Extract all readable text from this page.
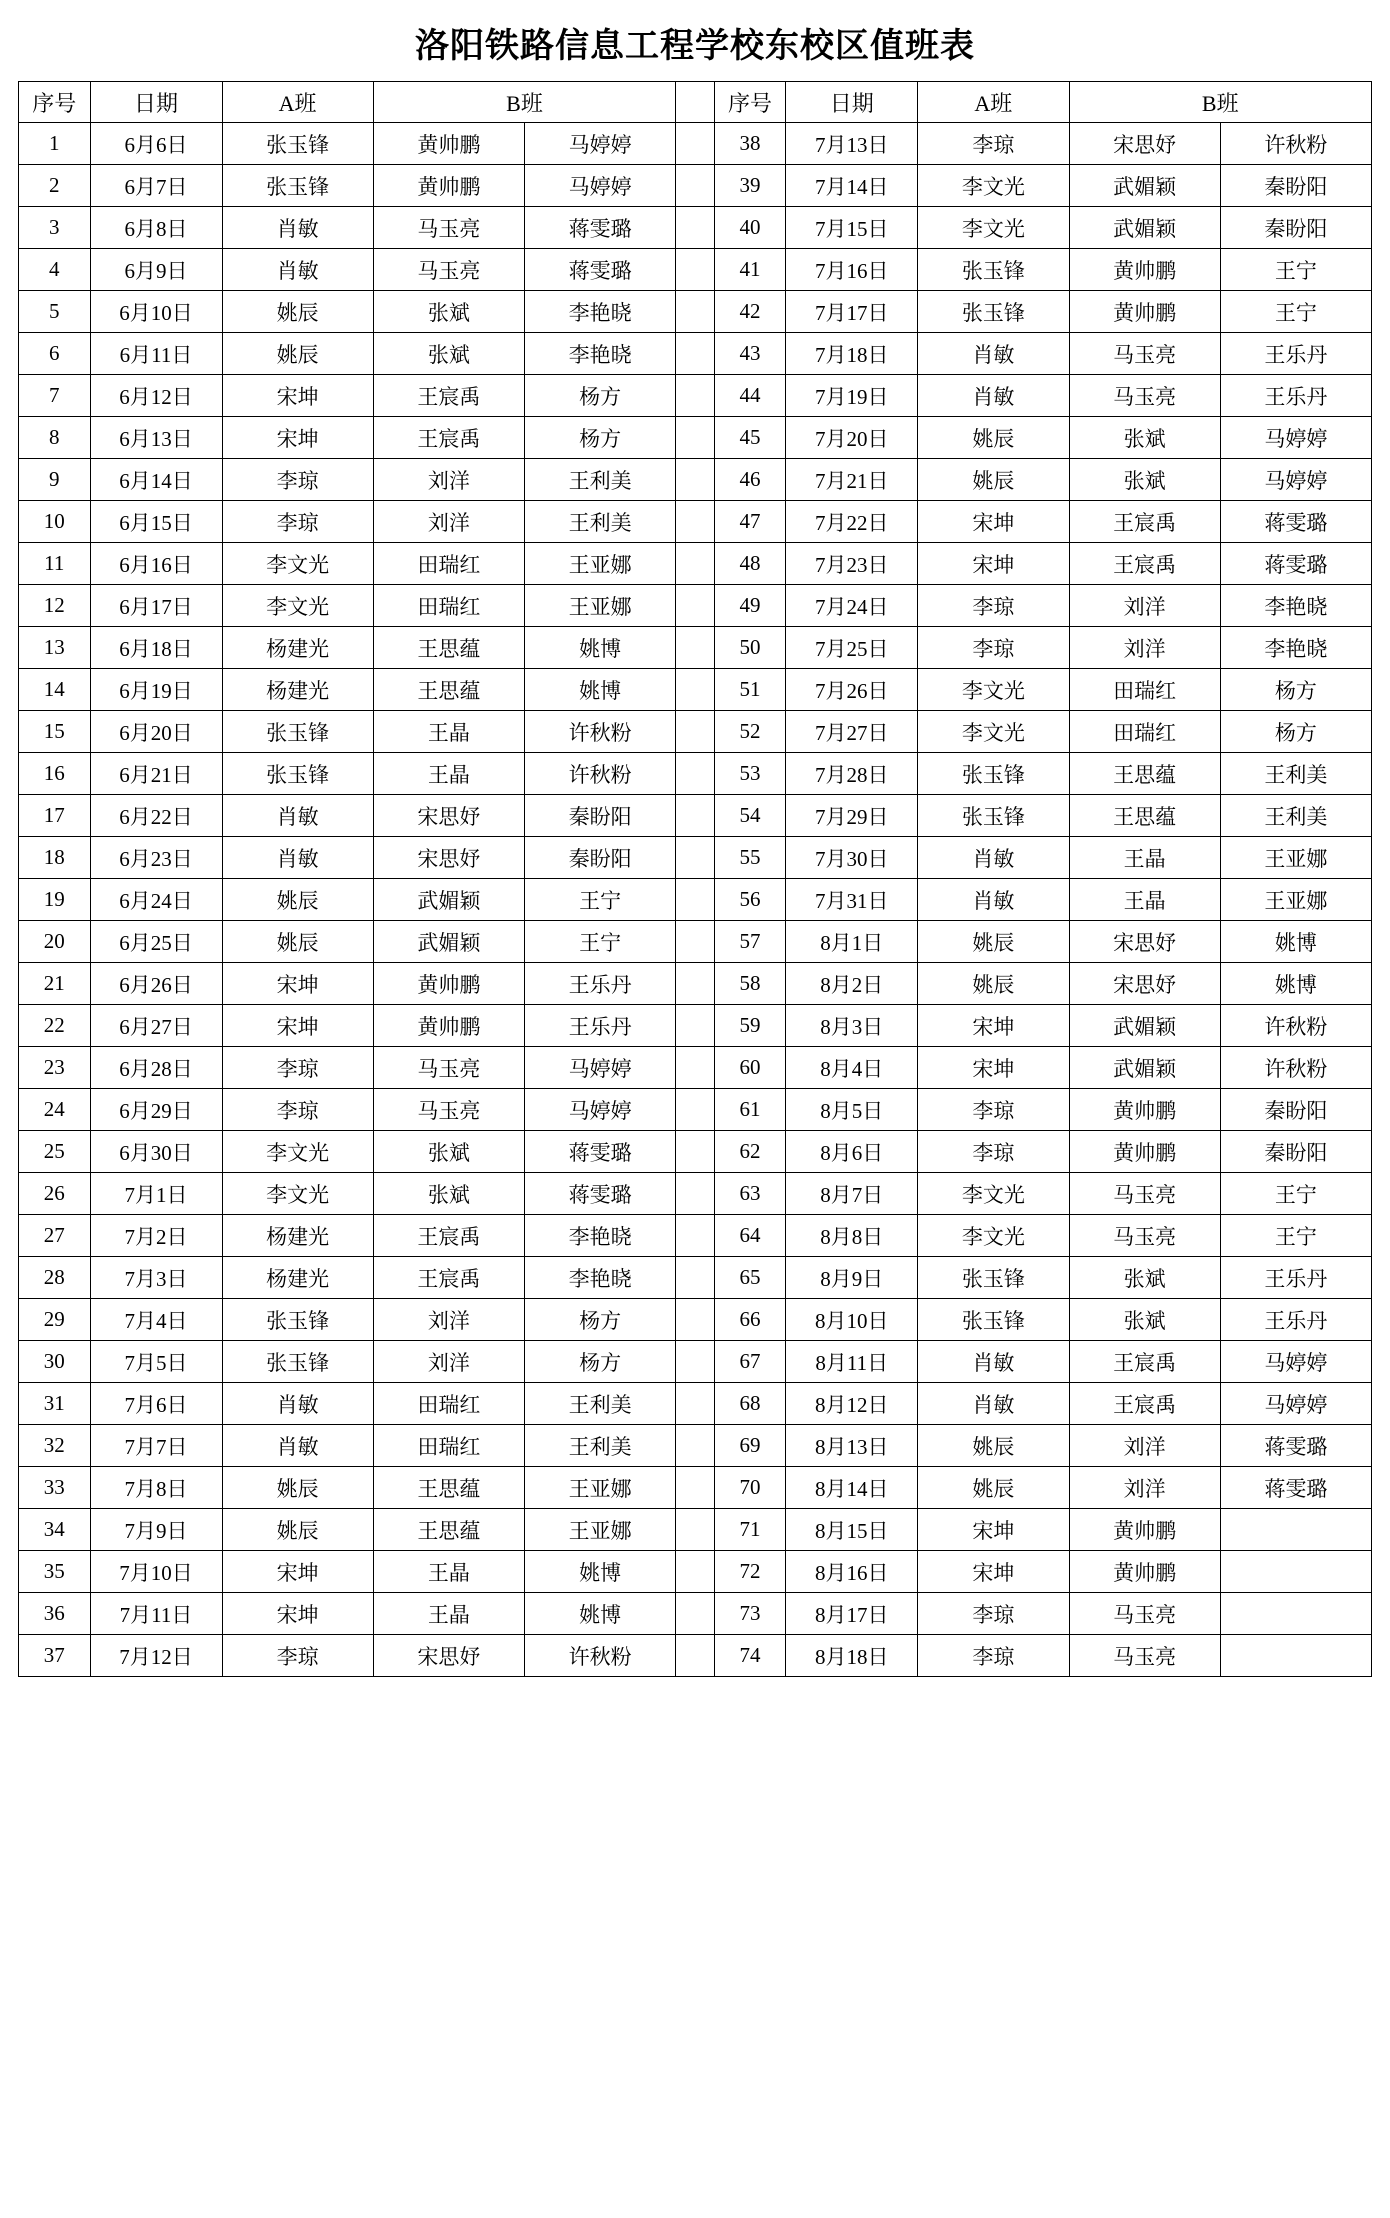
洛阳铁路信息工程学校东校区值班表
序号	日期	A班	B班			序号	日期	A班	B班	
1	6月6日	张玉锋	黄帅鹏	马婷婷		38	7月13日	李琼	宋思妤	许秋粉
2	6月7日	张玉锋	黄帅鹏	马婷婷		39	7月14日	李文光	武媚颖	秦盼阳
3	6月8日	肖敏	马玉亮	蒋雯璐		40	7月15日	李文光	武媚颖	秦盼阳
4	6月9日	肖敏	马玉亮	蒋雯璐		41	7月16日	张玉锋	黄帅鹏	王宁
5	6月10日	姚辰	张斌	李艳晓		42	7月17日	张玉锋	黄帅鹏	王宁
6	6月11日	姚辰	张斌	李艳晓		43	7月18日	肖敏	马玉亮	王乐丹
7	6月12日	宋坤	王宸禹	杨方		44	7月19日	肖敏	马玉亮	王乐丹
8	6月13日	宋坤	王宸禹	杨方		45	7月20日	姚辰	张斌	马婷婷
9	6月14日	李琼	刘洋	王利美		46	7月21日	姚辰	张斌	马婷婷
10	6月15日	李琼	刘洋	王利美		47	7月22日	宋坤	王宸禹	蒋雯璐
11	6月16日	李文光	田瑞红	王亚娜		48	7月23日	宋坤	王宸禹	蒋雯璐
12	6月17日	李文光	田瑞红	王亚娜		49	7月24日	李琼	刘洋	李艳晓
13	6月18日	杨建光	王思蕴	姚博		50	7月25日	李琼	刘洋	李艳晓
14	6月19日	杨建光	王思蕴	姚博		51	7月26日	李文光	田瑞红	杨方
15	6月20日	张玉锋	王晶	许秋粉		52	7月27日	李文光	田瑞红	杨方
16	6月21日	张玉锋	王晶	许秋粉		53	7月28日	张玉锋	王思蕴	王利美
17	6月22日	肖敏	宋思妤	秦盼阳		54	7月29日	张玉锋	王思蕴	王利美
18	6月23日	肖敏	宋思妤	秦盼阳		55	7月30日	肖敏	王晶	王亚娜
19	6月24日	姚辰	武媚颖	王宁		56	7月31日	肖敏	王晶	王亚娜
20	6月25日	姚辰	武媚颖	王宁		57	8月1日	姚辰	宋思妤	姚博
21	6月26日	宋坤	黄帅鹏	王乐丹		58	8月2日	姚辰	宋思妤	姚博
22	6月27日	宋坤	黄帅鹏	王乐丹		59	8月3日	宋坤	武媚颖	许秋粉
23	6月28日	李琼	马玉亮	马婷婷		60	8月4日	宋坤	武媚颖	许秋粉
24	6月29日	李琼	马玉亮	马婷婷		61	8月5日	李琼	黄帅鹏	秦盼阳
25	6月30日	李文光	张斌	蒋雯璐		62	8月6日	李琼	黄帅鹏	秦盼阳
26	7月1日	李文光	张斌	蒋雯璐		63	8月7日	李文光	马玉亮	王宁
27	7月2日	杨建光	王宸禹	李艳晓		64	8月8日	李文光	马玉亮	王宁
28	7月3日	杨建光	王宸禹	李艳晓		65	8月9日	张玉锋	张斌	王乐丹
29	7月4日	张玉锋	刘洋	杨方		66	8月10日	张玉锋	张斌	王乐丹
30	7月5日	张玉锋	刘洋	杨方		67	8月11日	肖敏	王宸禹	马婷婷
31	7月6日	肖敏	田瑞红	王利美		68	8月12日	肖敏	王宸禹	马婷婷
32	7月7日	肖敏	田瑞红	王利美		69	8月13日	姚辰	刘洋	蒋雯璐
33	7月8日	姚辰	王思蕴	王亚娜		70	8月14日	姚辰	刘洋	蒋雯璐
34	7月9日	姚辰	王思蕴	王亚娜		71	8月15日	宋坤	黄帅鹏	
35	7月10日	宋坤	王晶	姚博		72	8月16日	宋坤	黄帅鹏	
36	7月11日	宋坤	王晶	姚博		73	8月17日	李琼	马玉亮	
37	7月12日	李琼	宋思妤	许秋粉		74	8月18日	李琼	马玉亮	
